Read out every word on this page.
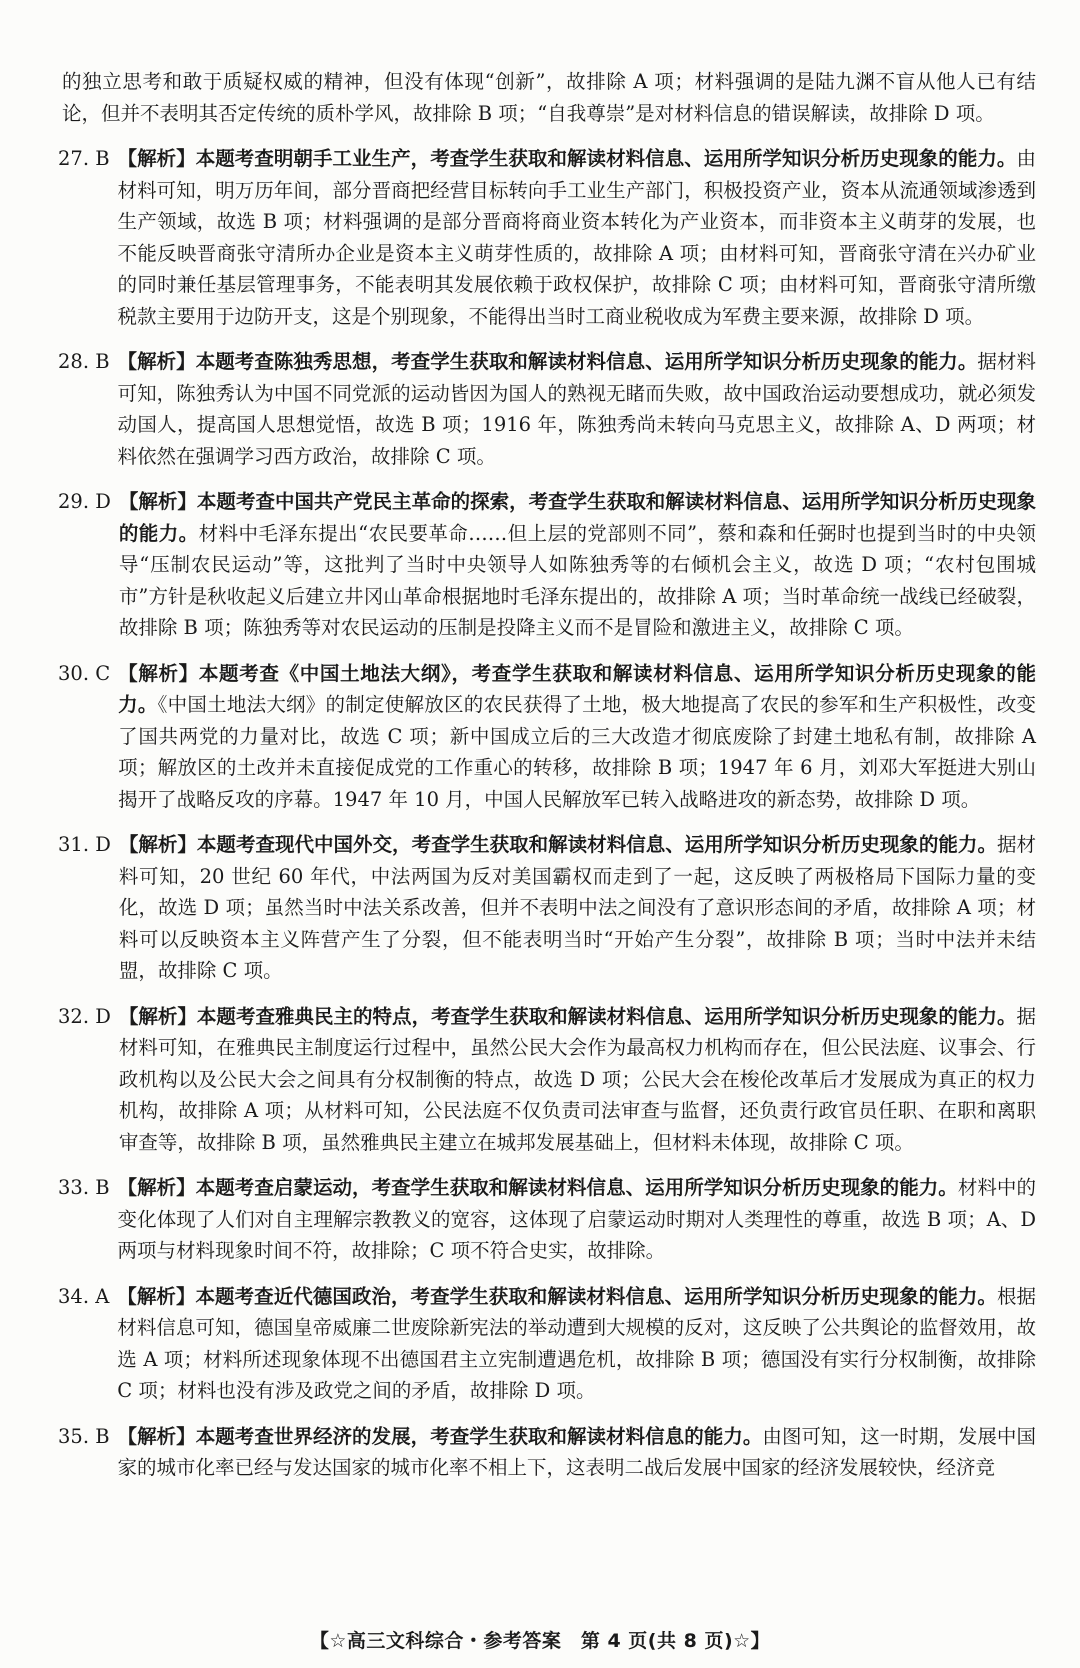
的独立思考和敢于质疑权威的精神，但没有体现“创新”，故排除 A 项；材料强调的是陆九渊不盲从他人已有结论，但并不表明其否定传统的质朴学风，故排除 B 项；“自我尊崇”是对材料信息的错误解读，故排除 D 项。

27. B 【解析】本题考查明朝手工业生产，考查学生获取和解读材料信息、运用所学知识分析历史现象的能力。由材料可知，明万历年间，部分晋商把经营目标转向手工业生产部门，积极投资产业，资本从流通领域渗透到生产领域，故选 B 项；材料强调的是部分晋商将商业资本转化为产业资本，而非资本主义萌芽的发展，也不能反映晋商张守清所办企业是资本主义萌芽性质的，故排除 A 项；由材料可知，晋商张守清在兴办矿业的同时兼任基层管理事务，不能表明其发展依赖于政权保护，故排除 C 项；由材料可知，晋商张守清所缴税款主要用于边防开支，这是个别现象，不能得出当时工商业税收成为军费主要来源，故排除 D 项。
28. B 【解析】本题考查陈独秀思想，考查学生获取和解读材料信息、运用所学知识分析历史现象的能力。据材料可知，陈独秀认为中国不同党派的运动皆因为国人的熟视无睹而失败，故中国政治运动要想成功，就必须发动国人，提高国人思想觉悟，故选 B 项；1916 年，陈独秀尚未转向马克思主义，故排除 A、D 两项；材料依然在强调学习西方政治，故排除 C 项。
29. D 【解析】本题考查中国共产党民主革命的探索，考查学生获取和解读材料信息、运用所学知识分析历史现象的能力。材料中毛泽东提出“农民要革命……但上层的党部则不同”，蔡和森和任弼时也提到当时的中央领导“压制农民运动”等，这批判了当时中央领导人如陈独秀等的右倾机会主义，故选 D 项；“农村包围城市”方针是秋收起义后建立井冈山革命根据地时毛泽东提出的，故排除 A 项；当时革命统一战线已经破裂，故排除 B 项；陈独秀等对农民运动的压制是投降主义而不是冒险和激进主义，故排除 C 项。
30. C 【解析】本题考查《中国土地法大纲》，考查学生获取和解读材料信息、运用所学知识分析历史现象的能力。《中国土地法大纲》的制定使解放区的农民获得了土地，极大地提高了农民的参军和生产积极性，改变了国共两党的力量对比，故选 C 项；新中国成立后的三大改造才彻底废除了封建土地私有制，故排除 A 项；解放区的土改并未直接促成党的工作重心的转移，故排除 B 项；1947 年 6 月，刘邓大军挺进大别山揭开了战略反攻的序幕。1947 年 10 月，中国人民解放军已转入战略进攻的新态势，故排除 D 项。
31. D 【解析】本题考查现代中国外交，考查学生获取和解读材料信息、运用所学知识分析历史现象的能力。据材料可知，20 世纪 60 年代，中法两国为反对美国霸权而走到了一起，这反映了两极格局下国际力量的变化，故选 D 项；虽然当时中法关系改善，但并不表明中法之间没有了意识形态间的矛盾，故排除 A 项；材料可以反映资本主义阵营产生了分裂，但不能表明当时“开始产生分裂”，故排除 B 项；当时中法并未结盟，故排除 C 项。
32. D 【解析】本题考查雅典民主的特点，考查学生获取和解读材料信息、运用所学知识分析历史现象的能力。据材料可知，在雅典民主制度运行过程中，虽然公民大会作为最高权力机构而存在，但公民法庭、议事会、行政机构以及公民大会之间具有分权制衡的特点，故选 D 项；公民大会在梭伦改革后才发展成为真正的权力机构，故排除 A 项；从材料可知，公民法庭不仅负责司法审查与监督，还负责行政官员任职、在职和离职审查等，故排除 B 项，虽然雅典民主建立在城邦发展基础上，但材料未体现，故排除 C 项。
33. B 【解析】本题考查启蒙运动，考查学生获取和解读材料信息、运用所学知识分析历史现象的能力。材料中的变化体现了人们对自主理解宗教教义的宽容，这体现了启蒙运动时期对人类理性的尊重，故选 B 项；A、D 两项与材料现象时间不符，故排除；C 项不符合史实，故排除。
34. A 【解析】本题考查近代德国政治，考查学生获取和解读材料信息、运用所学知识分析历史现象的能力。根据材料信息可知，德国皇帝威廉二世废除新宪法的举动遭到大规模的反对，这反映了公共舆论的监督效用，故选 A 项；材料所述现象体现不出德国君主立宪制遭遇危机，故排除 B 项；德国没有实行分权制衡，故排除 C 项；材料也没有涉及政党之间的矛盾，故排除 D 项。
35. B 【解析】本题考查世界经济的发展，考查学生获取和解读材料信息的能力。由图可知，这一时期，发展中国家的城市化率已经与发达国家的城市化率不相上下，这表明二战后发展中国家的经济发展较快，经济竞
【☆高三文科综合・参考答案　第 4 页(共 8 页)☆】
